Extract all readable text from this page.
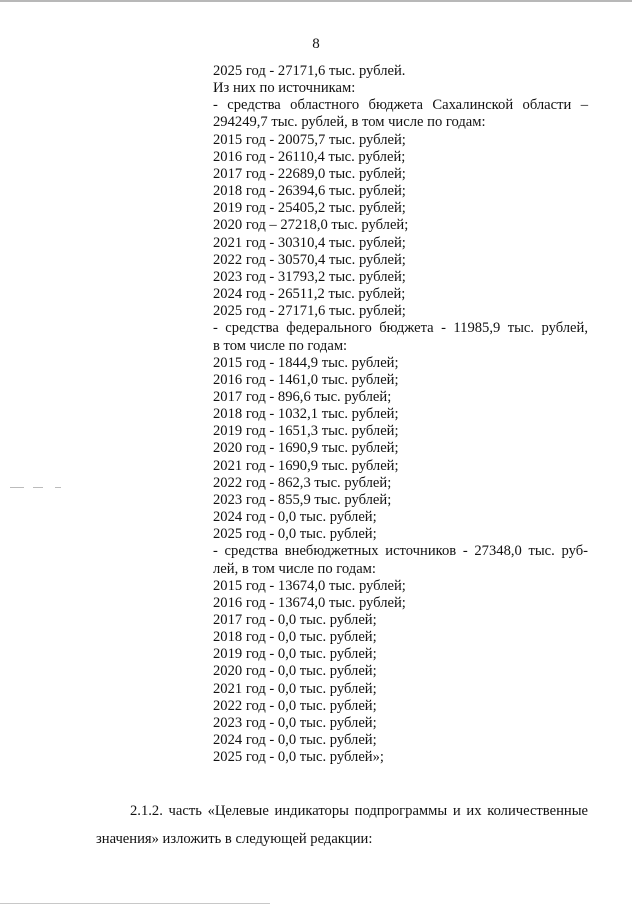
8
2025 год - 27171,6 тыс. рублей.
Из них по источникам:
- средства областного бюджета Сахалинской области –
294249,7 тыс. рублей, в том числе по годам:
2015 год - 20075,7 тыс. рублей;
2016 год - 26110,4 тыс. рублей;
2017 год - 22689,0 тыс. рублей;
2018 год - 26394,6 тыс. рублей;
2019 год - 25405,2 тыс. рублей;
2020 год – 27218,0 тыс. рублей;
2021 год - 30310,4 тыс. рублей;
2022 год - 30570,4 тыс. рублей;
2023 год - 31793,2 тыс. рублей;
2024 год - 26511,2 тыс. рублей;
2025 год - 27171,6 тыс. рублей;
- средства федерального бюджета - 11985,9 тыс. рублей,
в том числе по годам:
2015 год - 1844,9 тыс. рублей;
2016 год - 1461,0 тыс. рублей;
2017 год - 896,6 тыс. рублей;
2018 год - 1032,1 тыс. рублей;
2019 год - 1651,3 тыс. рублей;
2020 год - 1690,9 тыс. рублей;
2021 год - 1690,9 тыс. рублей;
2022 год - 862,3 тыс. рублей;
2023 год - 855,9 тыс. рублей;
2024 год - 0,0 тыс. рублей;
2025 год - 0,0 тыс. рублей;
- средства внебюджетных источников - 27348,0 тыс. руб-
лей, в том числе по годам:
2015 год - 13674,0 тыс. рублей;
2016 год - 13674,0 тыс. рублей;
2017 год - 0,0 тыс. рублей;
2018 год - 0,0 тыс. рублей;
2019 год - 0,0 тыс. рублей;
2020 год - 0,0 тыс. рублей;
2021 год - 0,0 тыс. рублей;
2022 год - 0,0 тыс. рублей;
2023 год - 0,0 тыс. рублей;
2024 год - 0,0 тыс. рублей;
2025 год - 0,0 тыс. рублей»;
2.1.2. часть «Целевые индикаторы подпрограммы и их количественные
значения» изложить в следующей редакции:
